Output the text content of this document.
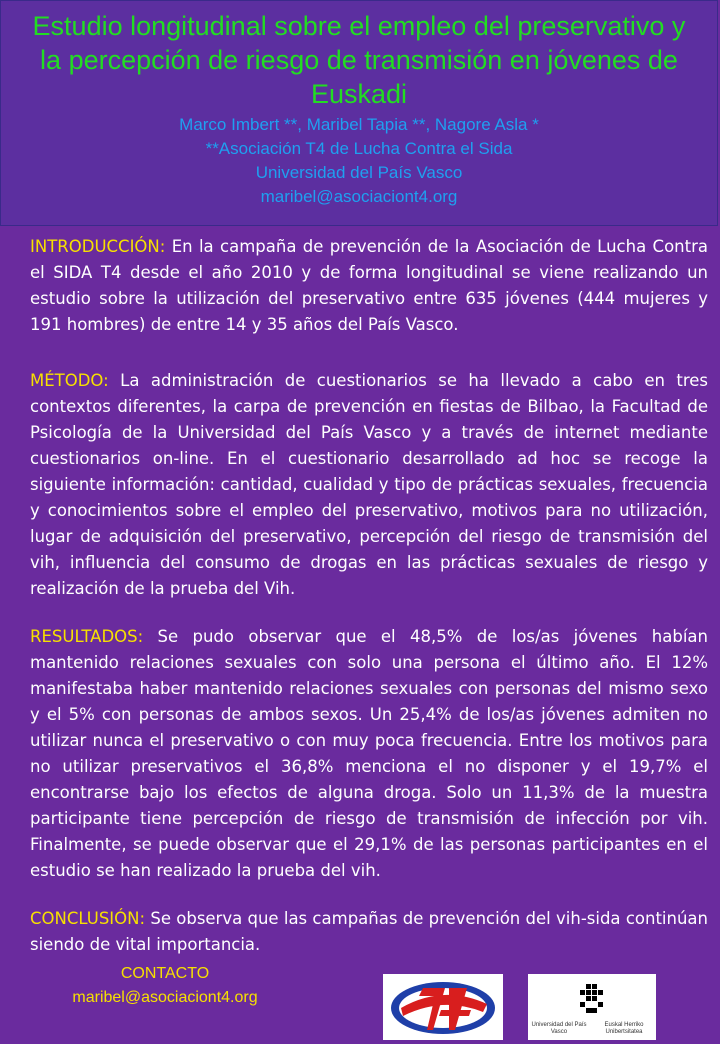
Estudio longitudinal sobre el empleo del preservativo y la percepción de riesgo de transmisión en jóvenes de Euskadi

Marco Imbert **, Maribel Tapia **, Nagore Asla *

**Asociación T4 de Lucha Contra el Sida

Universidad del País Vasco

maribel@asociaciont4.org

INTRODUCCIÓN: En la campaña de prevención de la Asociación de Lucha Contra el SIDA T4 desde el año 2010 y de forma longitudinal se viene realizando un estudio sobre la utilización del preservativo entre 635 jóvenes (444 mujeres y 191 hombres) de entre 14 y 35 años del País Vasco.

MÉTODO: La administración de cuestionarios se ha llevado a cabo en tres contextos diferentes, la carpa de prevención en fiestas de Bilbao, la Facultad de Psicología de la Universidad del País Vasco y a través de internet mediante cuestionarios on-line. En el cuestionario desarrollado ad hoc se recoge la siguiente información: cantidad, cualidad y tipo de prácticas sexuales, frecuencia y conocimientos sobre el empleo del preservativo, motivos para no utilización, lugar de adquisición del preservativo, percepción del riesgo de transmisión del vih, influencia del consumo de drogas en las prácticas sexuales de riesgo y realización de la prueba del Vih.

RESULTADOS: Se pudo observar que el 48,5% de los/as jóvenes habían mantenido relaciones sexuales con solo una persona el último año. El 12% manifestaba haber mantenido relaciones sexuales con personas del mismo sexo y el 5% con personas de ambos sexos. Un 25,4% de los/as jóvenes admiten no utilizar nunca el preservativo o con muy poca frecuencia. Entre los motivos para no utilizar preservativos el 36,8% menciona el no disponer y el 19,7% el encontrarse bajo los efectos de alguna droga. Solo un 11,3% de la muestra participante tiene percepción de riesgo de transmisión de infección por vih. Finalmente, se puede observar que el 29,1% de las personas participantes en el estudio se han realizado la prueba del vih.

CONCLUSIÓN: Se observa que las campañas de prevención del vih-sida continúan siendo de vital importancia.

CONTACTO
maribel@asociaciont4.org
Universidad del País Vasco
Euskal Herriko Unibertsitatea
